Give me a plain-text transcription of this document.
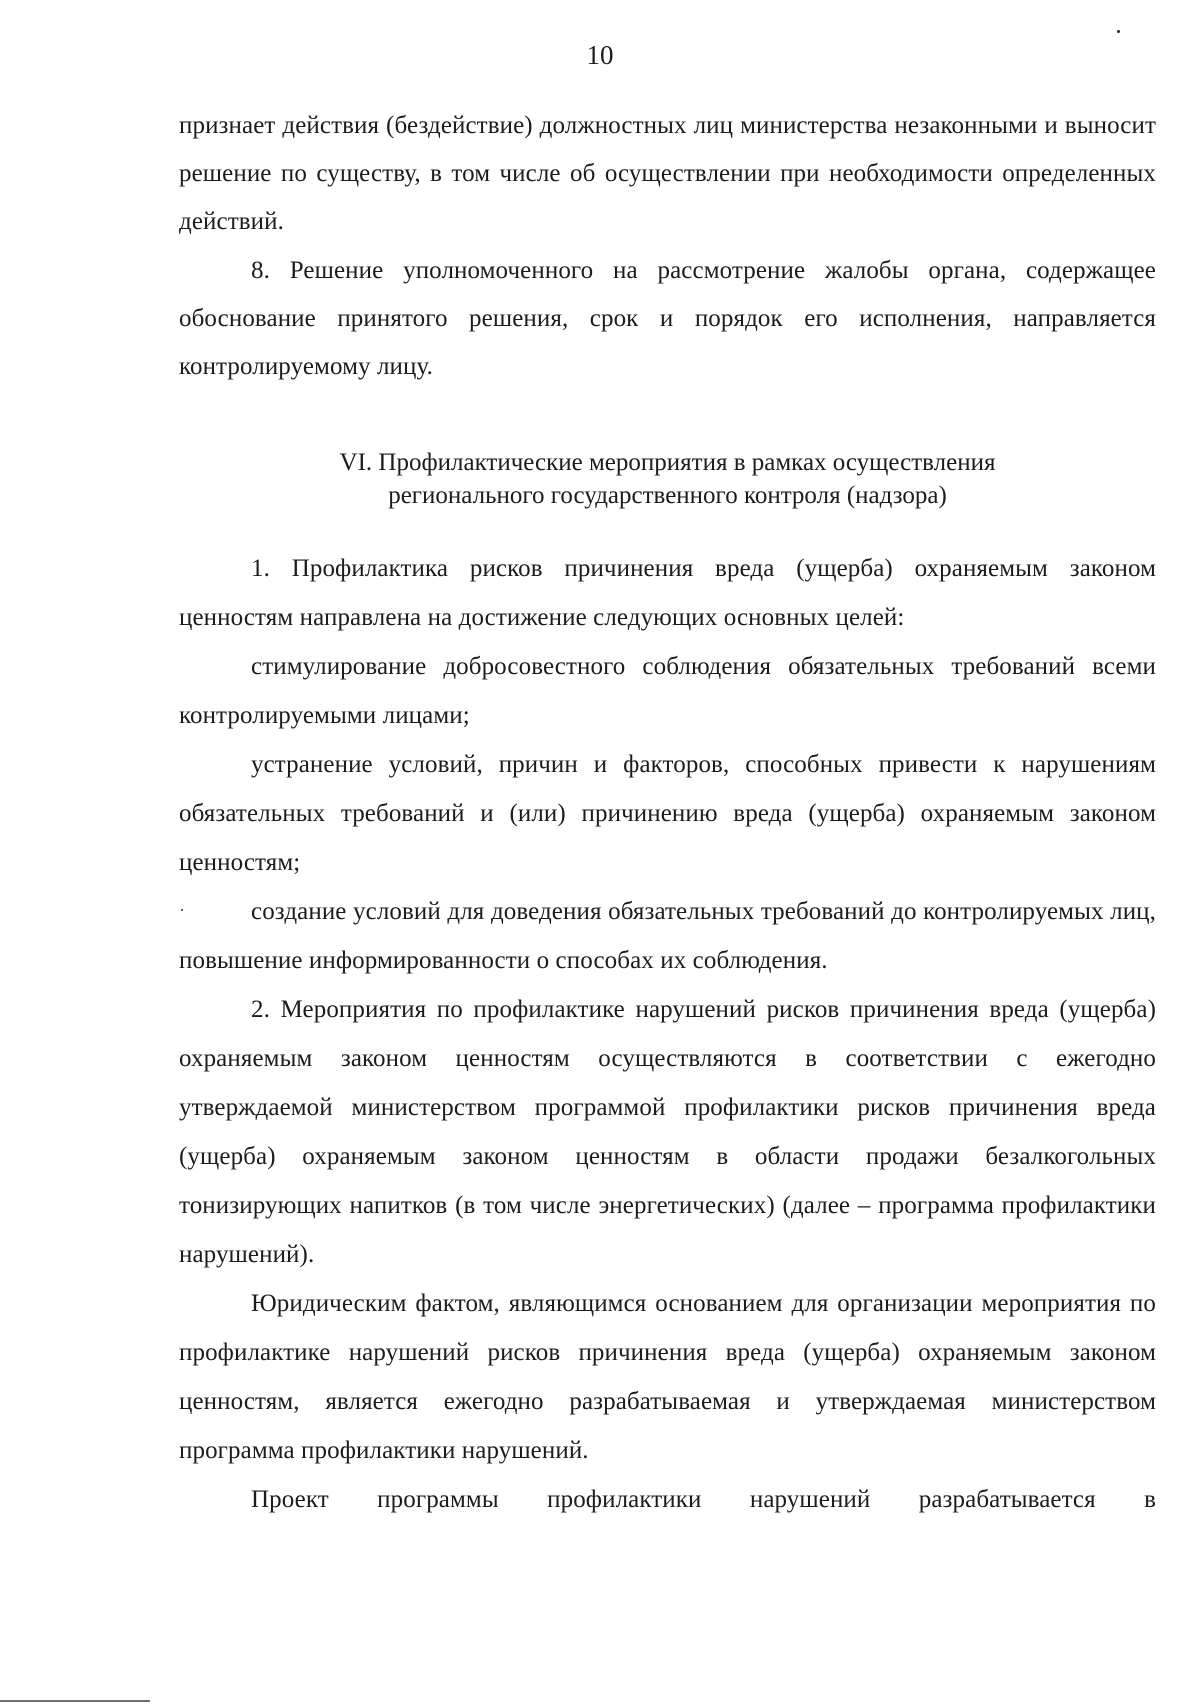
10

признает действия (бездействие) должностных лиц министерства незаконными и выносит решение по существу, в том числе об осуществлении при необходимости определенных действий.

8. Решение уполномоченного на рассмотрение жалобы органа, содержащее обоснование принятого решения, срок и порядок его исполнения, направляется контролируемому лицу.

VI. Профилактические мероприятия в рамках осуществления
регионального государственного контроля (надзора)

1. Профилактика рисков причинения вреда (ущерба) охраняемым законом ценностям направлена на достижение следующих основных целей:

стимулирование добросовестного соблюдения обязательных требований всеми контролируемыми лицами;

устранение условий, причин и факторов, способных привести к нарушениям обязательных требований и (или) причинению вреда (ущерба) охраняемым законом ценностям;

создание условий для доведения обязательных требований до контролируемых лиц, повышение информированности о способах их соблюдения.

2. Мероприятия по профилактике нарушений рисков причинения вреда (ущерба) охраняемым законом ценностям осуществляются в соответствии с ежегодно утверждаемой министерством программой профилактики рисков причинения вреда (ущерба) охраняемым законом ценностям в области продажи безалкогольных тонизирующих напитков (в том числе энергетических) (далее – программа профилактики нарушений).

Юридическим фактом, являющимся основанием для организации мероприятия по профилактике нарушений рисков причинения вреда (ущерба) охраняемым законом ценностям, является ежегодно разрабатываемая и утверждаемая министерством программа профилактики нарушений.

Проект программы профилактики нарушений разрабатывается в
